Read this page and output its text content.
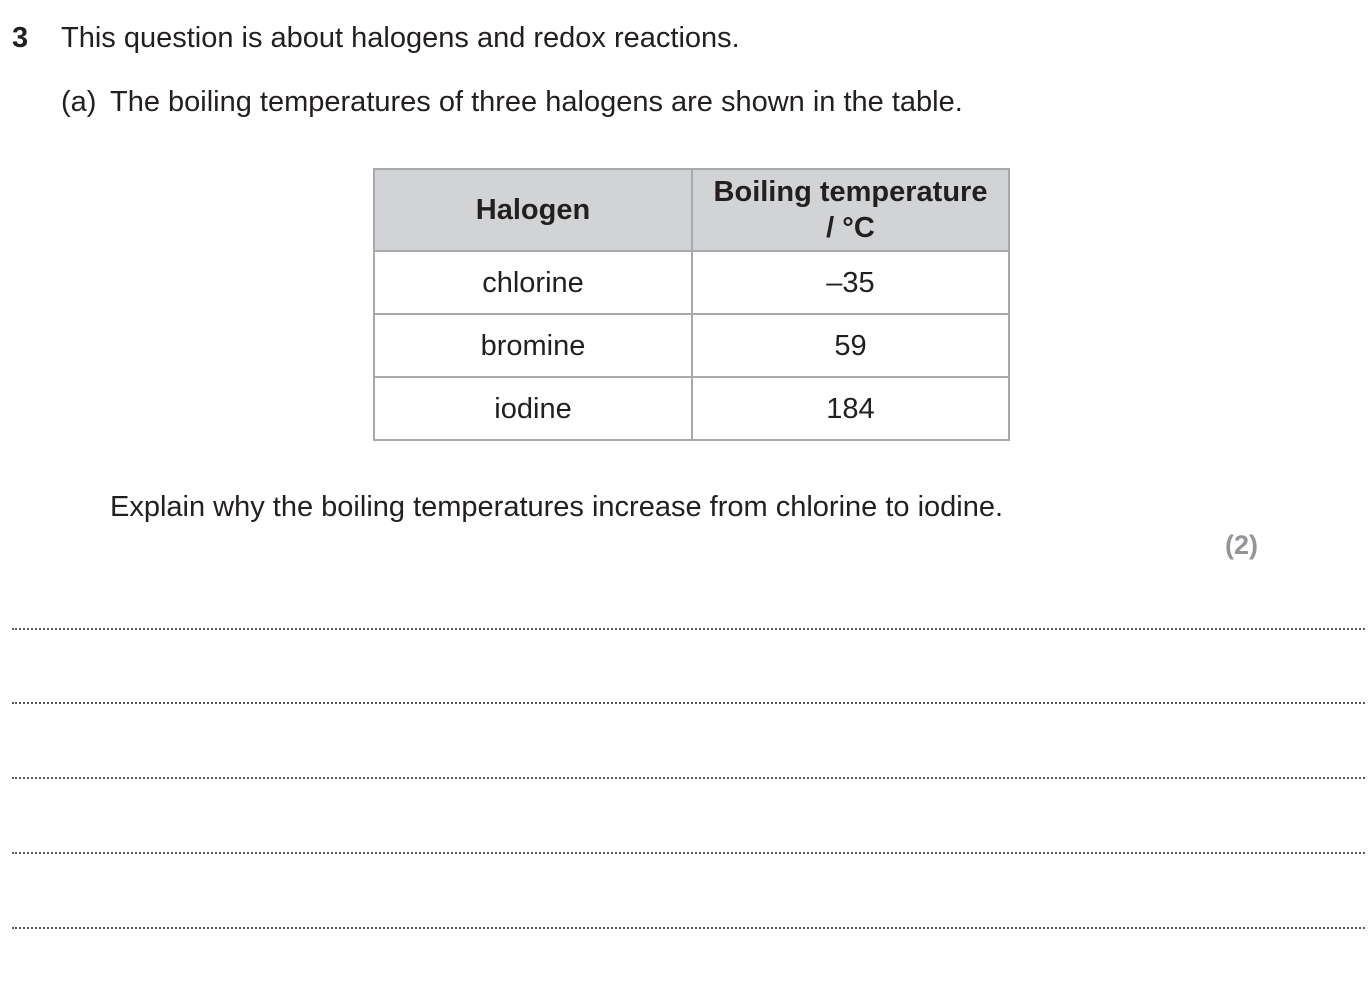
3 This question is about halogens and redox reactions.
(a) The boiling temperatures of three halogens are shown in the table.
Halogen	Boiling temperature
/ °C
chlorine	–35
bromine	59
iodine	184
Explain why the boiling temperatures increase from chlorine to iodine.
(2)
